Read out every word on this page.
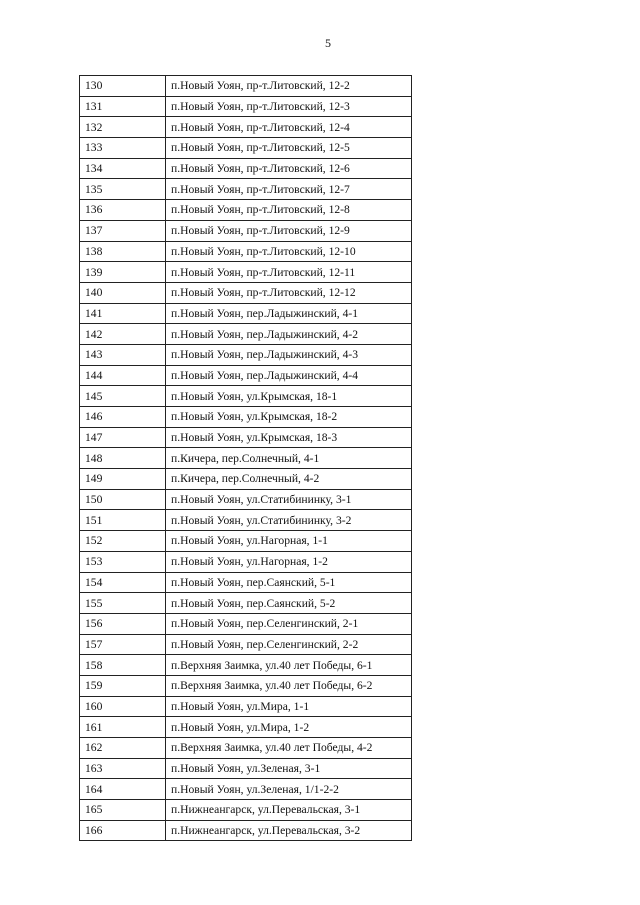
5
130	п.Новый Уоян, пр-т.Литовский, 12-2
131	п.Новый Уоян, пр-т.Литовский, 12-3
132	п.Новый Уоян, пр-т.Литовский, 12-4
133	п.Новый Уоян, пр-т.Литовский, 12-5
134	п.Новый Уоян, пр-т.Литовский, 12-6
135	п.Новый Уоян, пр-т.Литовский, 12-7
136	п.Новый Уоян, пр-т.Литовский, 12-8
137	п.Новый Уоян, пр-т.Литовский, 12-9
138	п.Новый Уоян, пр-т.Литовский, 12-10
139	п.Новый Уоян, пр-т.Литовский, 12-11
140	п.Новый Уоян, пр-т.Литовский, 12-12
141	п.Новый Уоян, пер.Ладыжинский, 4-1
142	п.Новый Уоян, пер.Ладыжинский, 4-2
143	п.Новый Уоян, пер.Ладыжинский, 4-3
144	п.Новый Уоян, пер.Ладыжинский, 4-4
145	п.Новый Уоян, ул.Крымская, 18-1
146	п.Новый Уоян, ул.Крымская, 18-2
147	п.Новый Уоян, ул.Крымская, 18-3
148	п.Кичера, пер.Солнечный, 4-1
149	п.Кичера, пер.Солнечный, 4-2
150	п.Новый Уоян, ул.Статибининку, 3-1
151	п.Новый Уоян, ул.Статибининку, 3-2
152	п.Новый Уоян, ул.Нагорная, 1-1
153	п.Новый Уоян, ул.Нагорная, 1-2
154	п.Новый Уоян, пер.Саянский, 5-1
155	п.Новый Уоян, пер.Саянский, 5-2
156	п.Новый Уоян, пер.Селенгинский, 2-1
157	п.Новый Уоян, пер.Селенгинский, 2-2
158	п.Верхняя Заимка, ул.40 лет Победы, 6-1
159	п.Верхняя Заимка, ул.40 лет Победы, 6-2
160	п.Новый Уоян, ул.Мира, 1-1
161	п.Новый Уоян, ул.Мира, 1-2
162	п.Верхняя Заимка, ул.40 лет Победы, 4-2
163	п.Новый Уоян, ул.Зеленая, 3-1
164	п.Новый Уоян, ул.Зеленая, 1/1-2-2
165	п.Нижнеангарск, ул.Перевальская, 3-1
166	п.Нижнеангарск, ул.Перевальская, 3-2
